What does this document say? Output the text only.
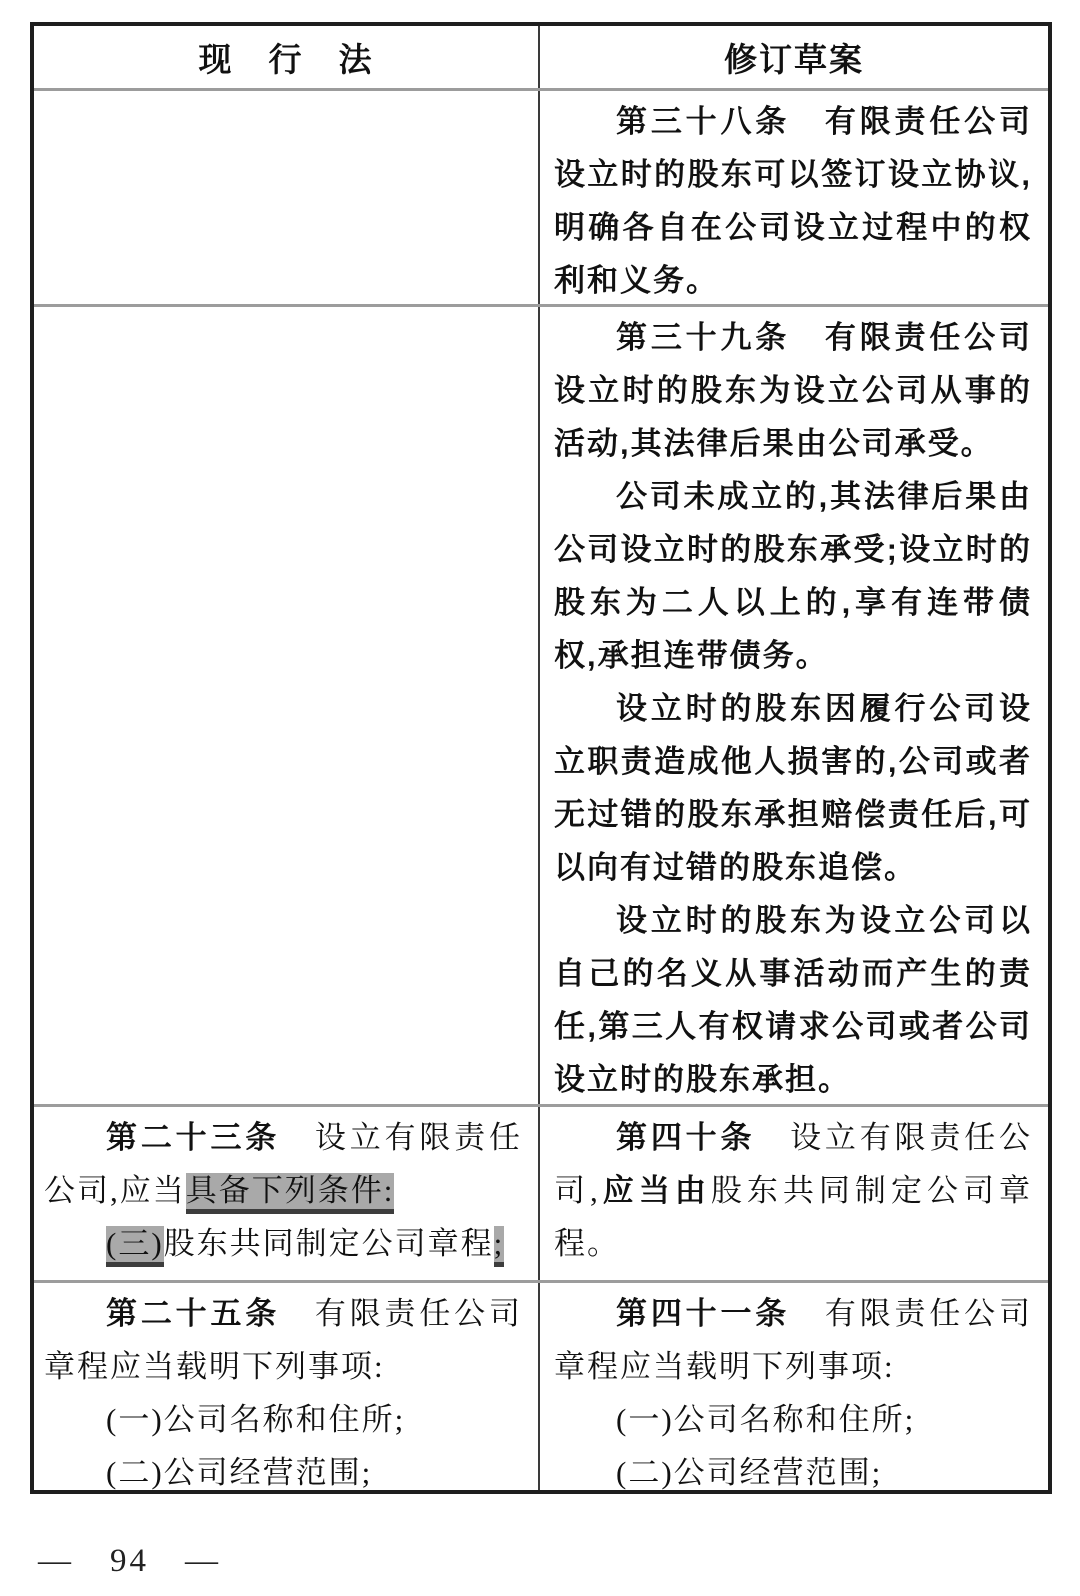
现　行　法	修订草案

第三十八条　有限责任公司设立时的股东可以签订设立协议,明确各自在公司设立过程中的权利和义务。

第三十九条　有限责任公司设立时的股东为设立公司从事的活动,其法律后果由公司承受。

公司未成立的,其法律后果由公司设立时的股东承受;设立时的股东为二人以上的,享有连带债权,承担连带债务。

设立时的股东因履行公司设立职责造成他人损害的,公司或者无过错的股东承担赔偿责任后,可以向有过错的股东追偿。

设立时的股东为设立公司以自己的名义从事活动而产生的责任,第三人有权请求公司或者公司设立时的股东承担。

第二十三条　设立有限责任公司,应当具备下列条件:

(三)股东共同制定公司章程;

第四十条　设立有限责任公司,应当由股东共同制定公司章程。

第二十五条　有限责任公司章程应当载明下列事项:

(一)公司名称和住所;

(二)公司经营范围;

第四十一条　有限责任公司章程应当载明下列事项:

(一)公司名称和住所;

(二)公司经营范围;

—　94　—
